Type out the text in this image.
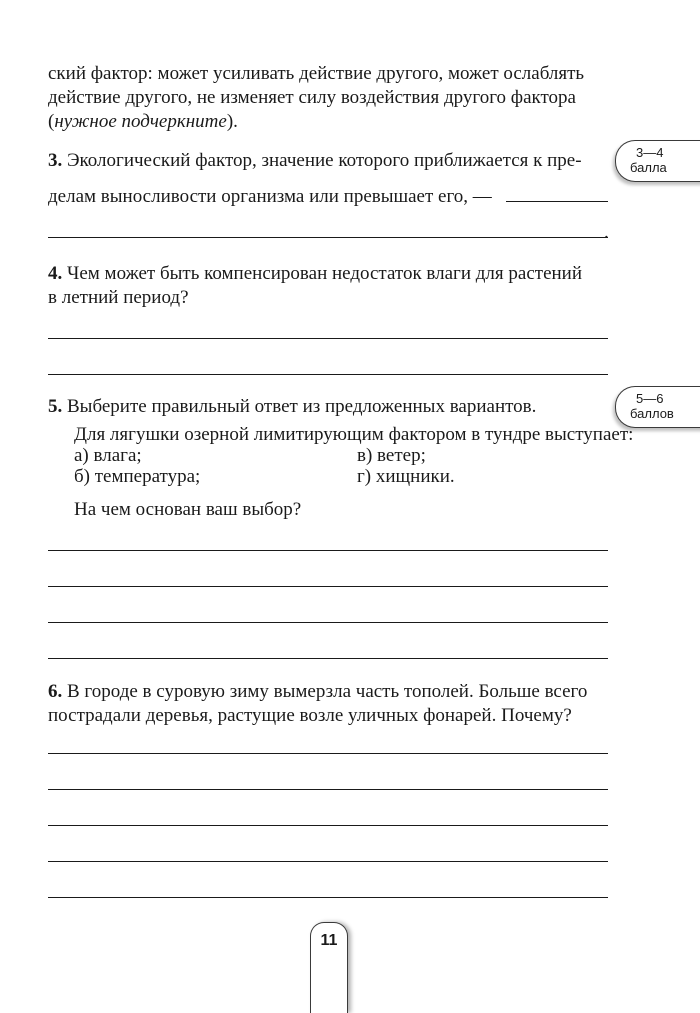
ский фактор: может усиливать действие другого, может ослаблять
действие другого, не изменяет силу воздействия другого фактора
(нужное подчеркните).
3. Экологический фактор, значение которого приближается к пре-
делам выносливости организма или превышает его, —
.
3—4
балла
4. Чем может быть компенсирован недостаток влаги для растений
в летний период?
5. Выберите правильный ответ из предложенных вариантов.
Для лягушки озерной лимитирующим фактором в тундре выступает:
а) влага;
б) температура;
в) ветер;
г) хищники.
На чем основан ваш выбор?
5—6
баллов
6. В городе в суровую зиму вымерзла часть тополей. Больше всего
пострадали деревья, растущие возле уличных фонарей. Почему?
11
